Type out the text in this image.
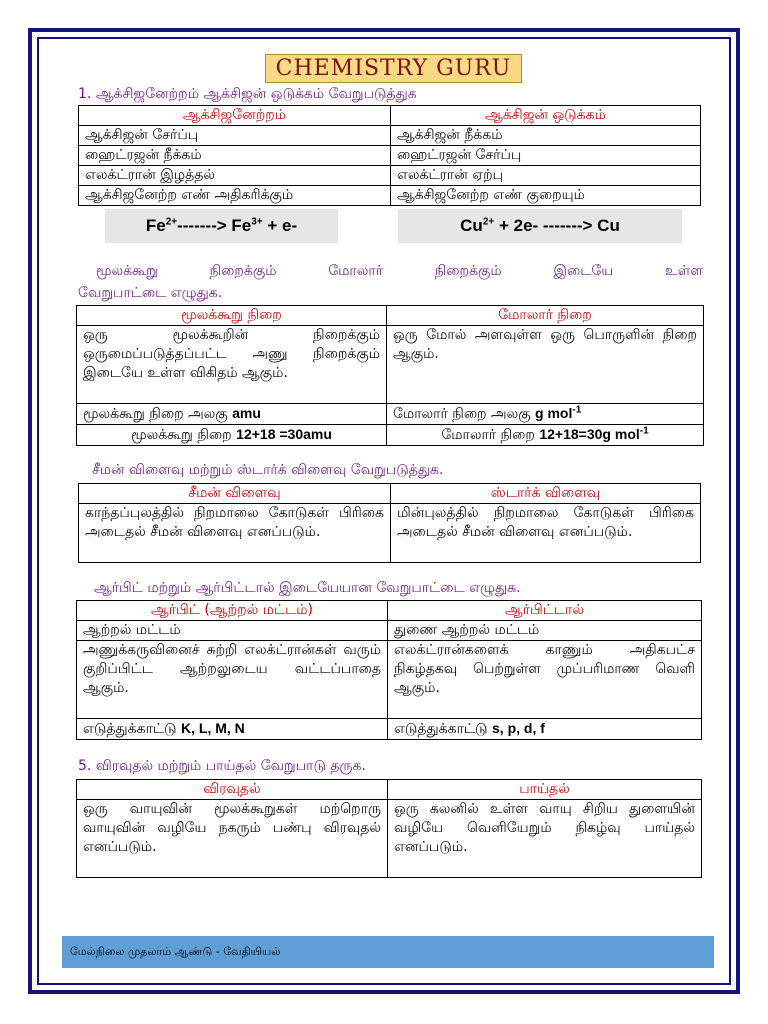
CHEMISTRY GURU
1. ஆக்சிஜனேற்றம் ஆக்சிஜன் ஒடுக்கம் வேறுபடுத்துக
ஆக்சிஜனேற்றம்	ஆக்சிஜன் ஒடுக்கம்
ஆக்சிஜன் சேர்ப்பு	ஆக்சிஜன் நீக்கம்
ஹைட்ரஜன் நீக்கம்	ஹைட்ரஜன் சேர்ப்பு
எலக்ட்ரான் இழத்தல்	எலக்ட்ரான் ஏற்பு
ஆக்சிஜனேற்ற எண் அதிகரிக்கும்	ஆக்சிஜனேற்ற எண் குறையும்
$Fe^{2+}-------> Fe^{3+} + e-$	$Cu^{2+} + 2e-$ -------> Cu
மூலக்கூறு நிறைக்கும் மோலார் நிறைக்கும் இடையே உள்ள
வேறுபாட்டை எழுதுக.
மூலக்கூறு நிறை	மோலார் நிறை
ஒரு மூலக்கூறின் நிறைக்கும் ஒருமைப்படுத்தப்பட்ட அணு நிறைக்கும் இடையே உள்ள விகிதம் ஆகும்.	ஒரு மோல் அளவுள்ள ஒரு பொருளின் நிறை ஆகும்.
மூலக்கூறு நிறை அலகு amu	மோலார் நிறை அலகு g mol$^{-1}$
மூலக்கூறு நிறை 12+18 =30amu	மோலார் நிறை 12+18=30g mol$^{-1}$
சீமன் விளைவு மற்றும் ஸ்டார்க் விளைவு வேறுபடுத்துக.
சீமன் விளைவு	ஸ்டார்க் விளைவு
காந்தப்புலத்தில் நிறமாலை கோடுகள் பிரிகை அடைதல் சீமன் விளைவு எனப்படும்.	மின்புலத்தில் நிறமாலை கோடுகள் பிரிகை அடைதல் சீமன் விளைவு எனப்படும்.
ஆர்பிட் மற்றும் ஆர்பிட்டால் இடையேயான வேறுபாட்டை எழுதுக.
ஆர்பிட் (ஆற்றல் மட்டம்)	ஆர்பிட்டால்
ஆற்றல் மட்டம்	துணை ஆற்றல் மட்டம்
அணுக்கருவினைச் சுற்றி எலக்ட்ரான்கள் வரும் குறிப்பிட்ட ஆற்றலுடைய வட்டப்பாதை ஆகும்.	எலக்ட்ரான்களைக் காணும் அதிகபட்ச நிகழ்தகவு பெற்றுள்ள முப்பரிமாண வெளி ஆகும்.
எடுத்துக்காட்டு K, L, M, N	எடுத்துக்காட்டு s, p, d, f
5. விரவுதல் மற்றும் பாய்தல் வேறுபாடு தருக.
விரவுதல்	பாய்தல்
ஒரு வாயுவின் மூலக்கூறுகள் மற்றொரு வாயுவின் வழியே நகரும் பண்பு விரவுதல் எனப்படும்.	ஒரு கலனில் உள்ள வாயு சிறிய துளையின் வழியே வெளியேறும் நிகழ்வு பாய்தல் எனப்படும்.
மேல்நிலை முதலாம் ஆண்டு - வேதியியல்
